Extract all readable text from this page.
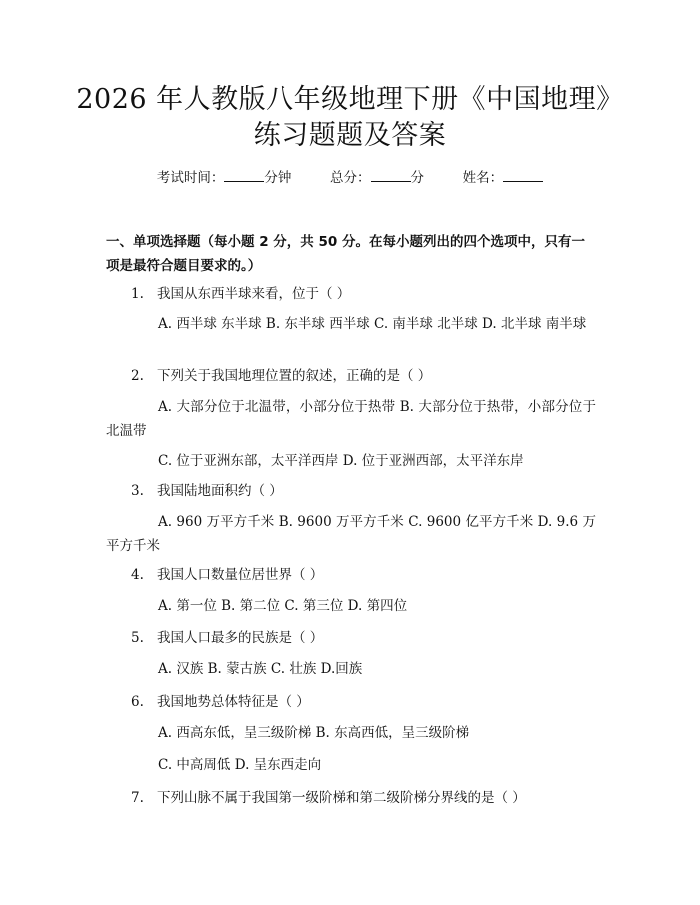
2026 年人教版八年级地理下册《中国地理》
练习题题及答案
考试时间：	分钟	总分：	分	姓名：
一、单项选择题（每小题 2 分，共 50 分。在每小题列出的四个选项中，只有一项是最符合题目要求的。）
1. 我国从东西半球来看，位于（ ）
A. 西半球 东半球 B. 东半球 西半球 C. 南半球 北半球 D. 北半球 南半球
2. 下列关于我国地理位置的叙述，正确的是（ ）
A. 大部分位于北温带，小部分位于热带 B. 大部分位于热带，小部分位于北温带
C. 位于亚洲东部，太平洋西岸 D. 位于亚洲西部，太平洋东岸
3. 我国陆地面积约（ ）
A. 960 万平方千米 B. 9600 万平方千米 C. 9600 亿平方千米 D. 9.6 万平方千米
4. 我国人口数量位居世界（ ）
A. 第一位 B. 第二位 C. 第三位 D. 第四位
5. 我国人口最多的民族是（ ）
A. 汉族 B. 蒙古族 C. 壮族 D.回族
6. 我国地势总体特征是（ ）
A. 西高东低，呈三级阶梯 B. 东高西低，呈三级阶梯
C. 中高周低 D. 呈东西走向
7. 下列山脉不属于我国第一级阶梯和第二级阶梯分界线的是（ ）
